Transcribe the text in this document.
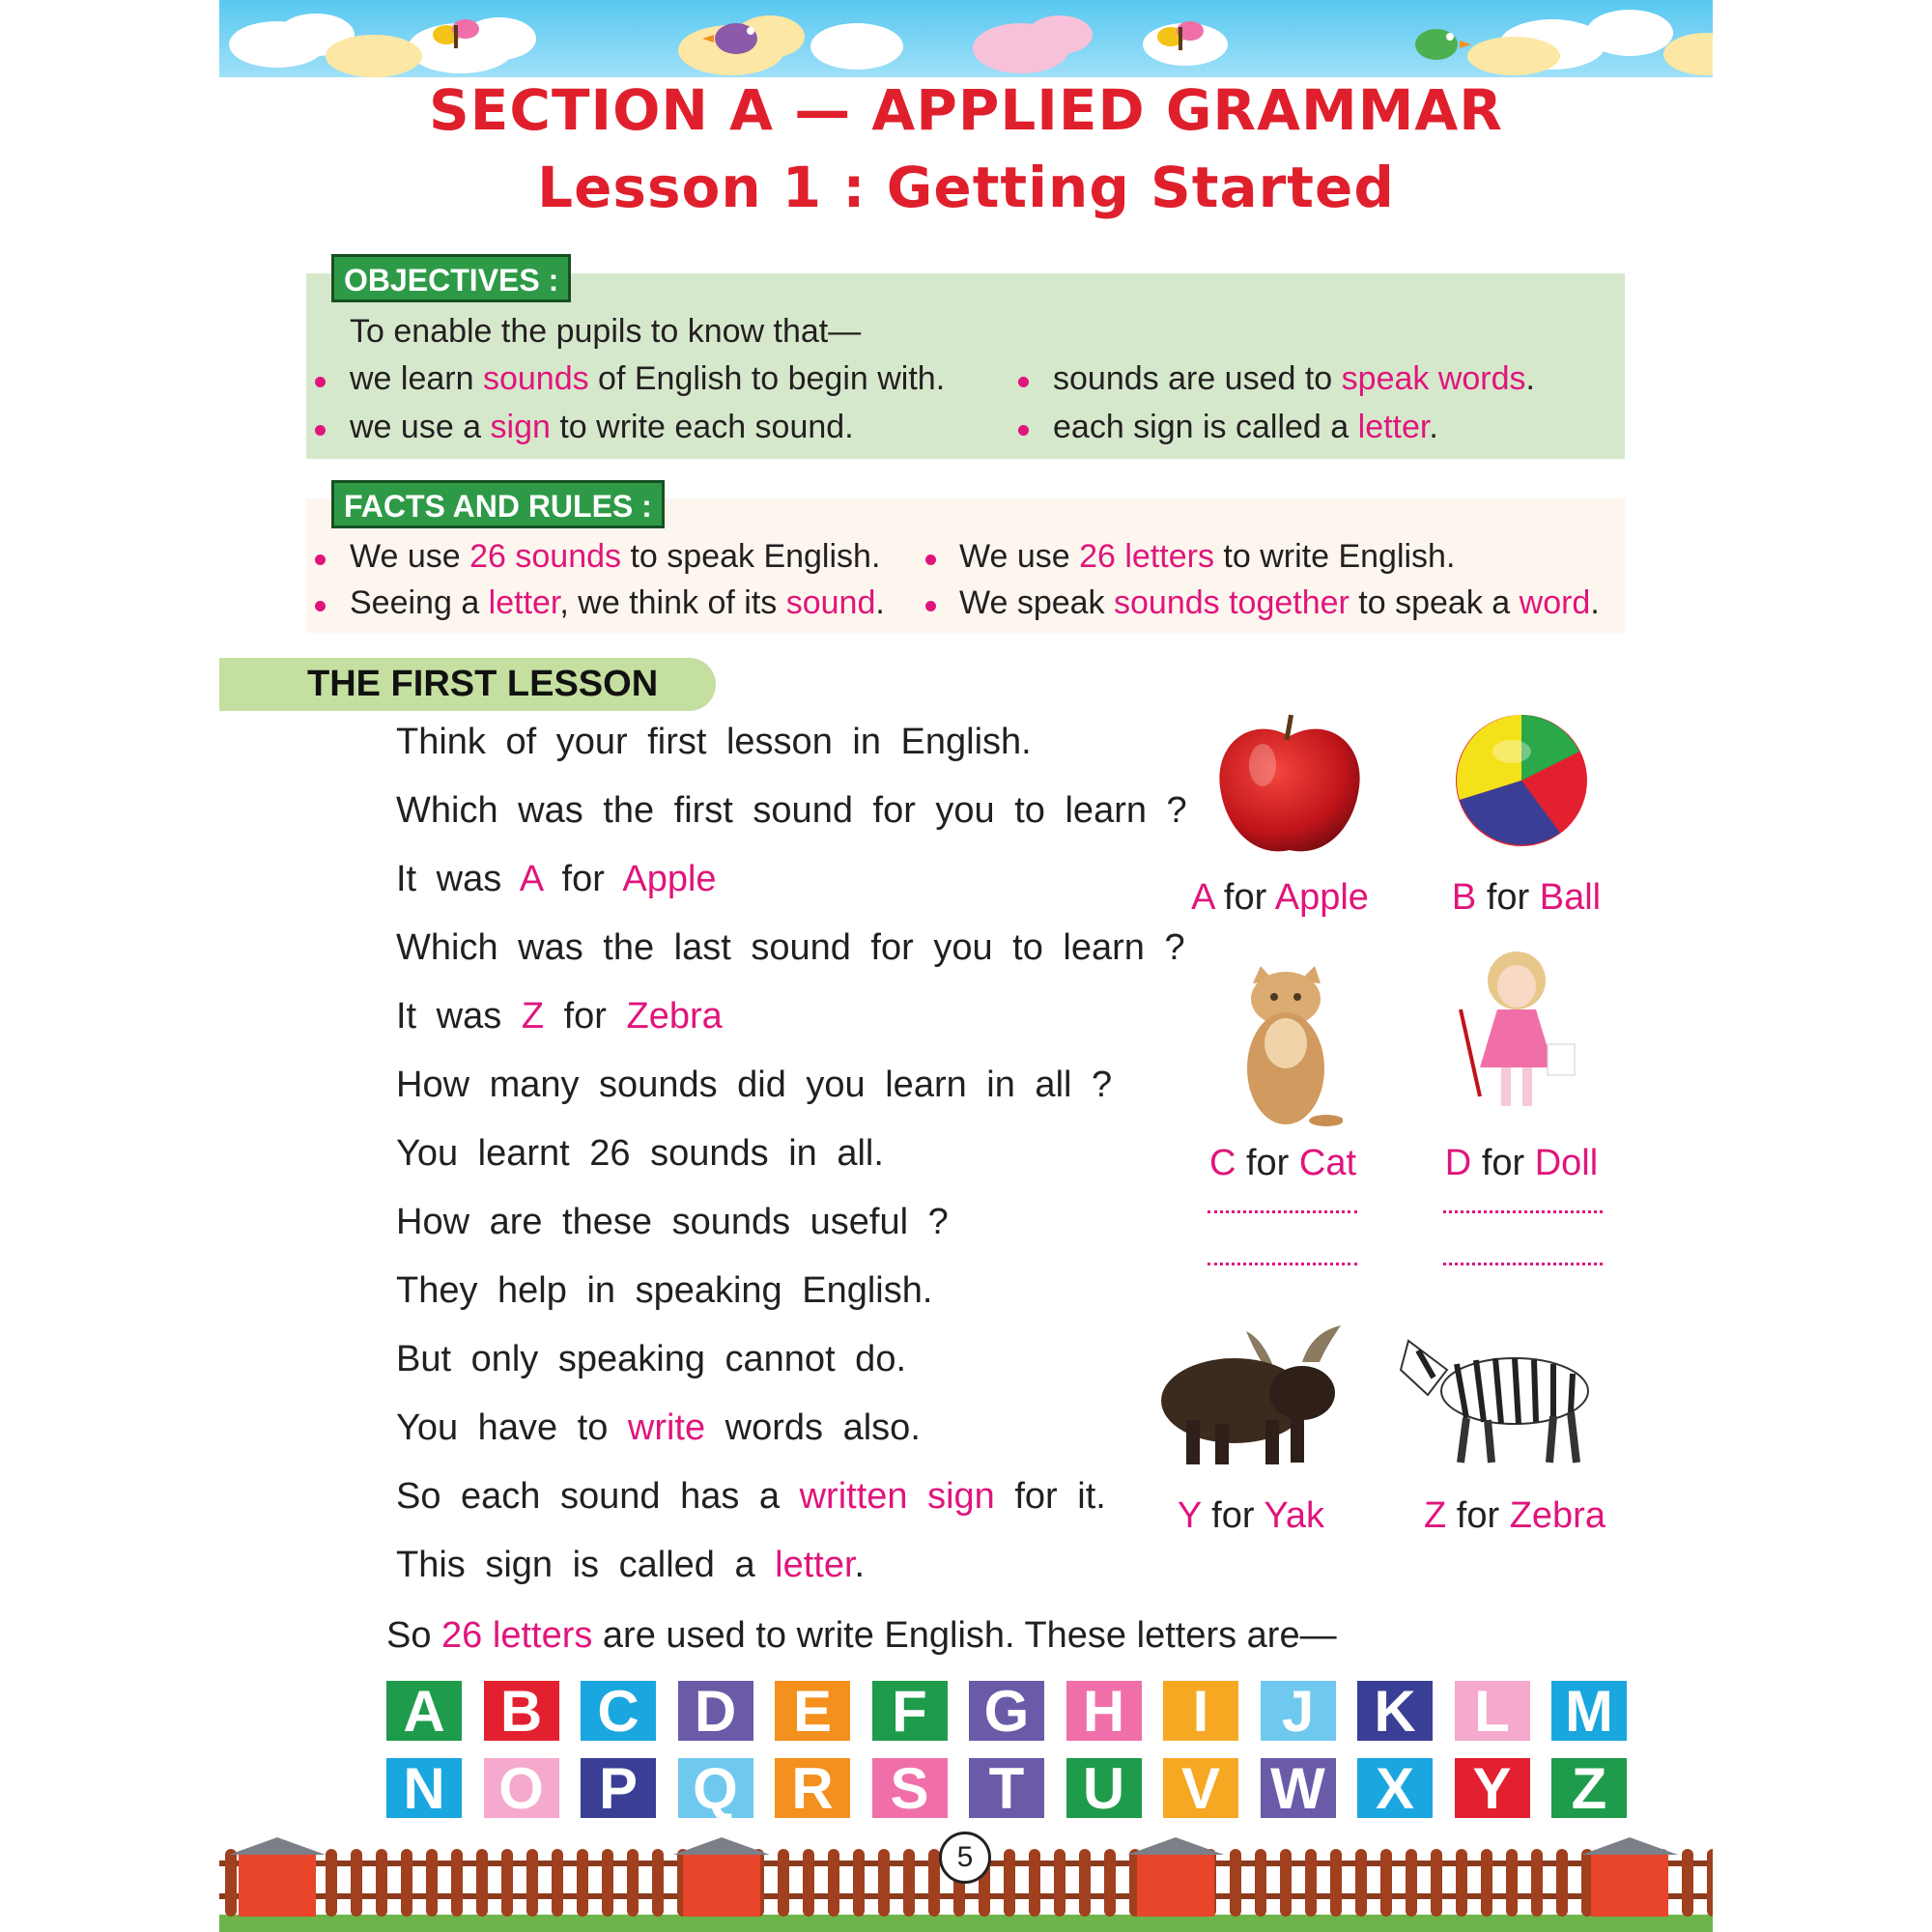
SECTION A — APPLIED GRAMMAR
Lesson 1 : Getting Started
OBJECTIVES :
To enable the pupils to know that—
we learn sounds of English to begin with.	sounds are used to speak words.
we use a sign to write each sound.	each sign is called a letter.
FACTS AND RULES :
We use 26 sounds to speak English. We use 26 letters to write English.
Seeing a letter, we think of its sound. We speak sounds together to speak a word.
THE FIRST LESSON
Think of your first lesson in English.
Which was the first sound for you to learn ?
It was A for Apple
Which was the last sound for you to learn ?
It was Z for Zebra
How many sounds did you learn in all ?
You learnt 26 sounds in all.
How are these sounds useful ?
They help in speaking English.
But only speaking cannot do.
You have to write words also.
So each sound has a written sign for it.
This sign is called a letter.
A for Apple	B for Ball
C for Cat	D for Doll
Y for Yak	Z for Zebra
So 26 letters are used to write English. These letters are—
A B C D E	F G H	I	J	K	L M
N O P Q R S	T	U V W X	Y	Z
5
